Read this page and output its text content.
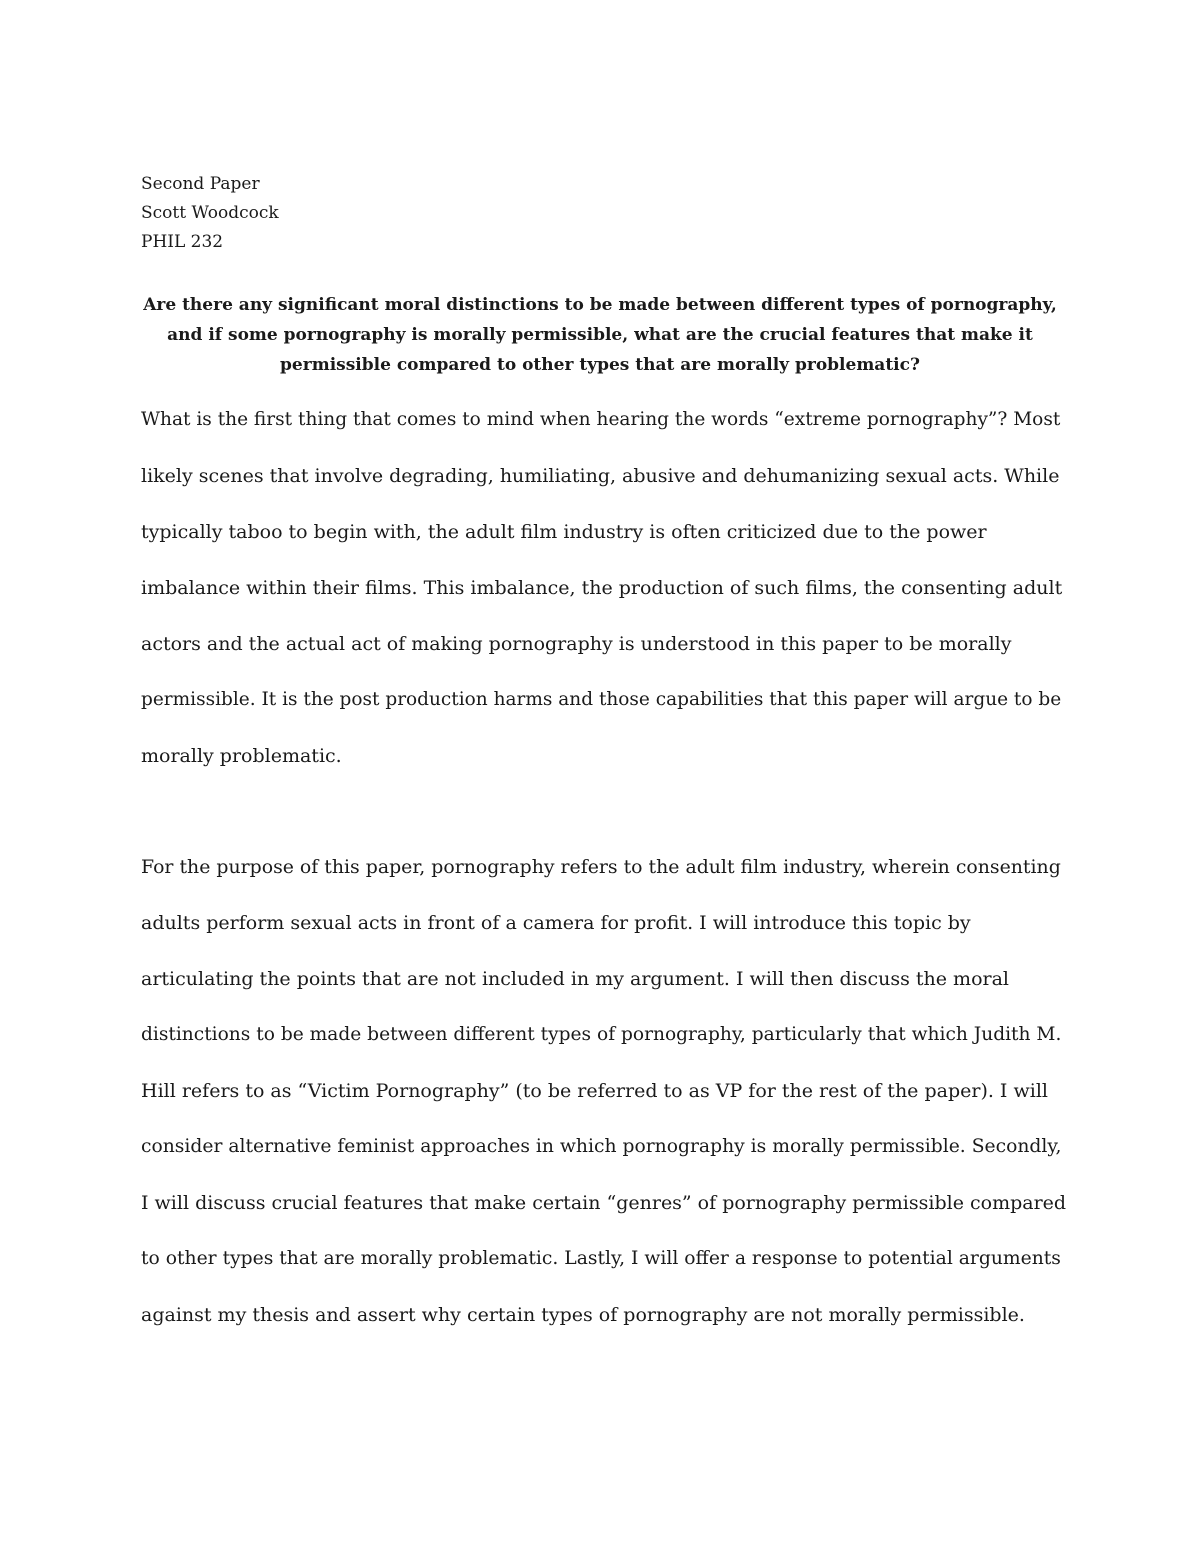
Second Paper
Scott Woodcock
PHIL 232
Are there any significant moral distinctions to be made between different types of pornography,
and if some pornography is morally permissible, what are the crucial features that make it
permissible compared to other types that are morally problematic?
What is the first thing that comes to mind when hearing the words “extreme pornography”? Most
likely scenes that involve degrading, humiliating, abusive and dehumanizing sexual acts. While
typically taboo to begin with, the adult film industry is often criticized due to the power
imbalance within their films. This imbalance, the production of such films, the consenting adult
actors and the actual act of making pornography is understood in this paper to be morally
permissible. It is the post production harms and those capabilities that this paper will argue to be
morally problematic.
For the purpose of this paper, pornography refers to the adult film industry, wherein consenting
adults perform sexual acts in front of a camera for profit. I will introduce this topic by
articulating the points that are not included in my argument. I will then discuss the moral
distinctions to be made between different types of pornography, particularly that which Judith M.
Hill refers to as “Victim Pornography” (to be referred to as VP for the rest of the paper). I will
consider alternative feminist approaches in which pornography is morally permissible. Secondly,
I will discuss crucial features that make certain “genres” of pornography permissible compared
to other types that are morally problematic. Lastly, I will offer a response to potential arguments
against my thesis and assert why certain types of pornography are not morally permissible.
